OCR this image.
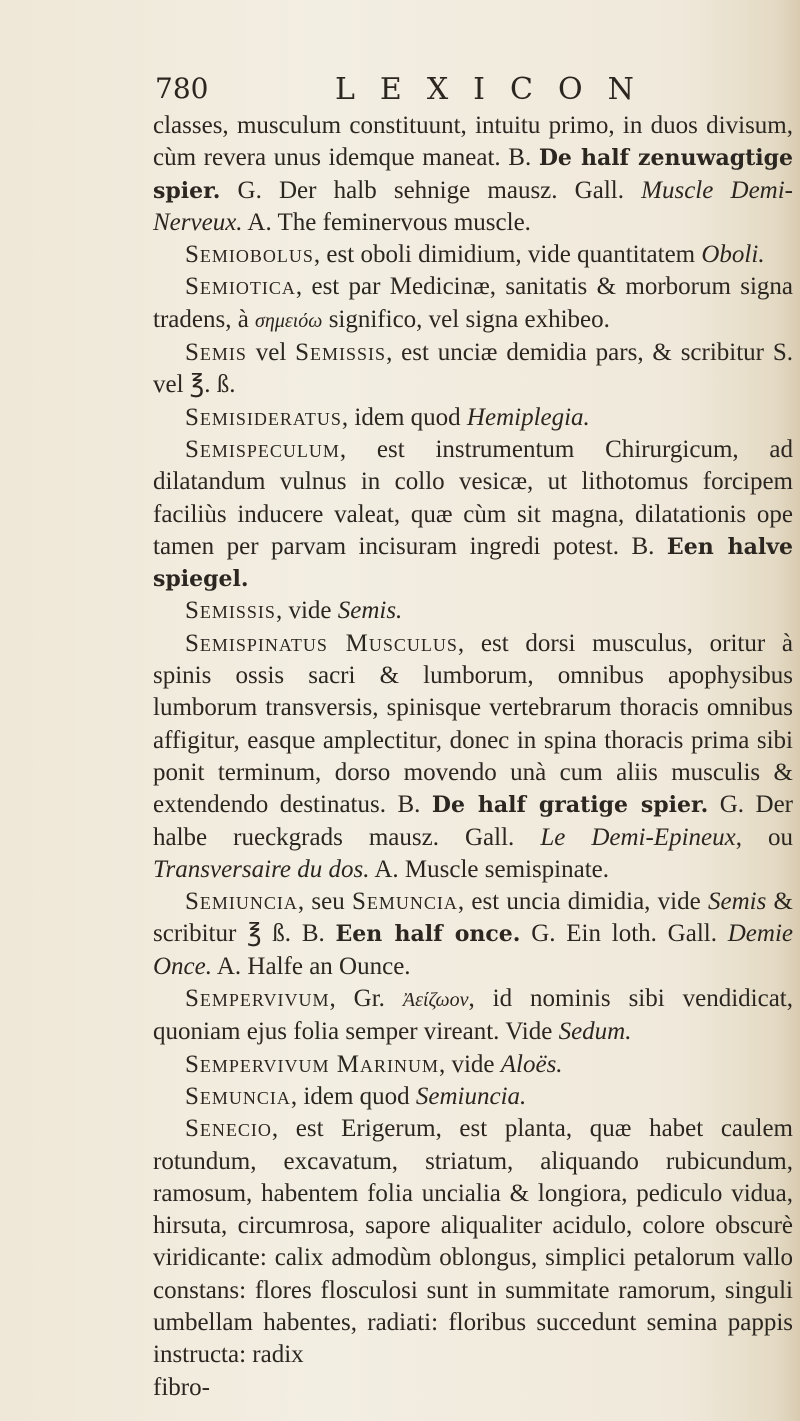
780	LEXICON

classes, musculum constituunt, intuitu primo, in duos divisum, cùm revera unus idemque maneat. B. De half zenuwagtige spier. G. Der halb sehnige mausz. Gall. Muscle Demi-Nerveux. A. The feminervous muscle.

Semiobolus, est oboli dimidium, vide quantitatem Oboli.

Semiotica, est par Medicinæ, sanitatis & morborum signa tradens, à σημειόω significo, vel signa exhibeo.

Semis vel Semissis, est unciæ demidia pars, & scribitur S. vel ℥. ß.

Semisideratus, idem quod Hemiplegia.

Semispeculum, est instrumentum Chirurgicum, ad dilatandum vulnus in collo vesicæ, ut lithotomus forcipem faciliùs inducere valeat, quæ cùm sit magna, dilatationis ope tamen per parvam incisuram ingredi potest. B. Een halve spiegel.

Semissis, vide Semis.

Semispinatus Musculus, est dorsi musculus, oritur à spinis ossis sacri & lumborum, omnibus apophysibus lumborum transversis, spinisque vertebrarum thoracis omnibus affigitur, easque amplectitur, donec in spina thoracis prima sibi ponit terminum, dorso movendo unà cum aliis musculis & extendendo destinatus. B. De half gratige spier. G. Der halbe rueckgrads mausz. Gall. Le Demi-Epineux, ou Transversaire du dos. A. Muscle semispinate.

Semiuncia, seu Semuncia, est uncia dimidia, vide Semis & scribitur ℥ ß. B. Een half once. G. Ein loth. Gall. Demie Once. A. Halfe an Ounce.

Sempervivum, Gr. Ἀείζωον, id nominis sibi vendidicat, quoniam ejus folia semper vireant. Vide Sedum.

Sempervivum Marinum, vide Aloës.

Semuncia, idem quod Semiuncia.

Senecio, est Erigerum, est planta, quæ habet caulem rotundum, excavatum, striatum, aliquando rubicundum, ramosum, habentem folia uncialia & longiora, pediculo vidua, hirsuta, circumrosa, sapore aliqualiter acidulo, colore obscurè viridicante: calix admodùm oblongus, simplici petalorum vallo constans: flores flosculosi sunt in summitate ramorum, singuli umbellam habentes, radiati: floribus succedunt semina pappis instructa: radix

fibro-
